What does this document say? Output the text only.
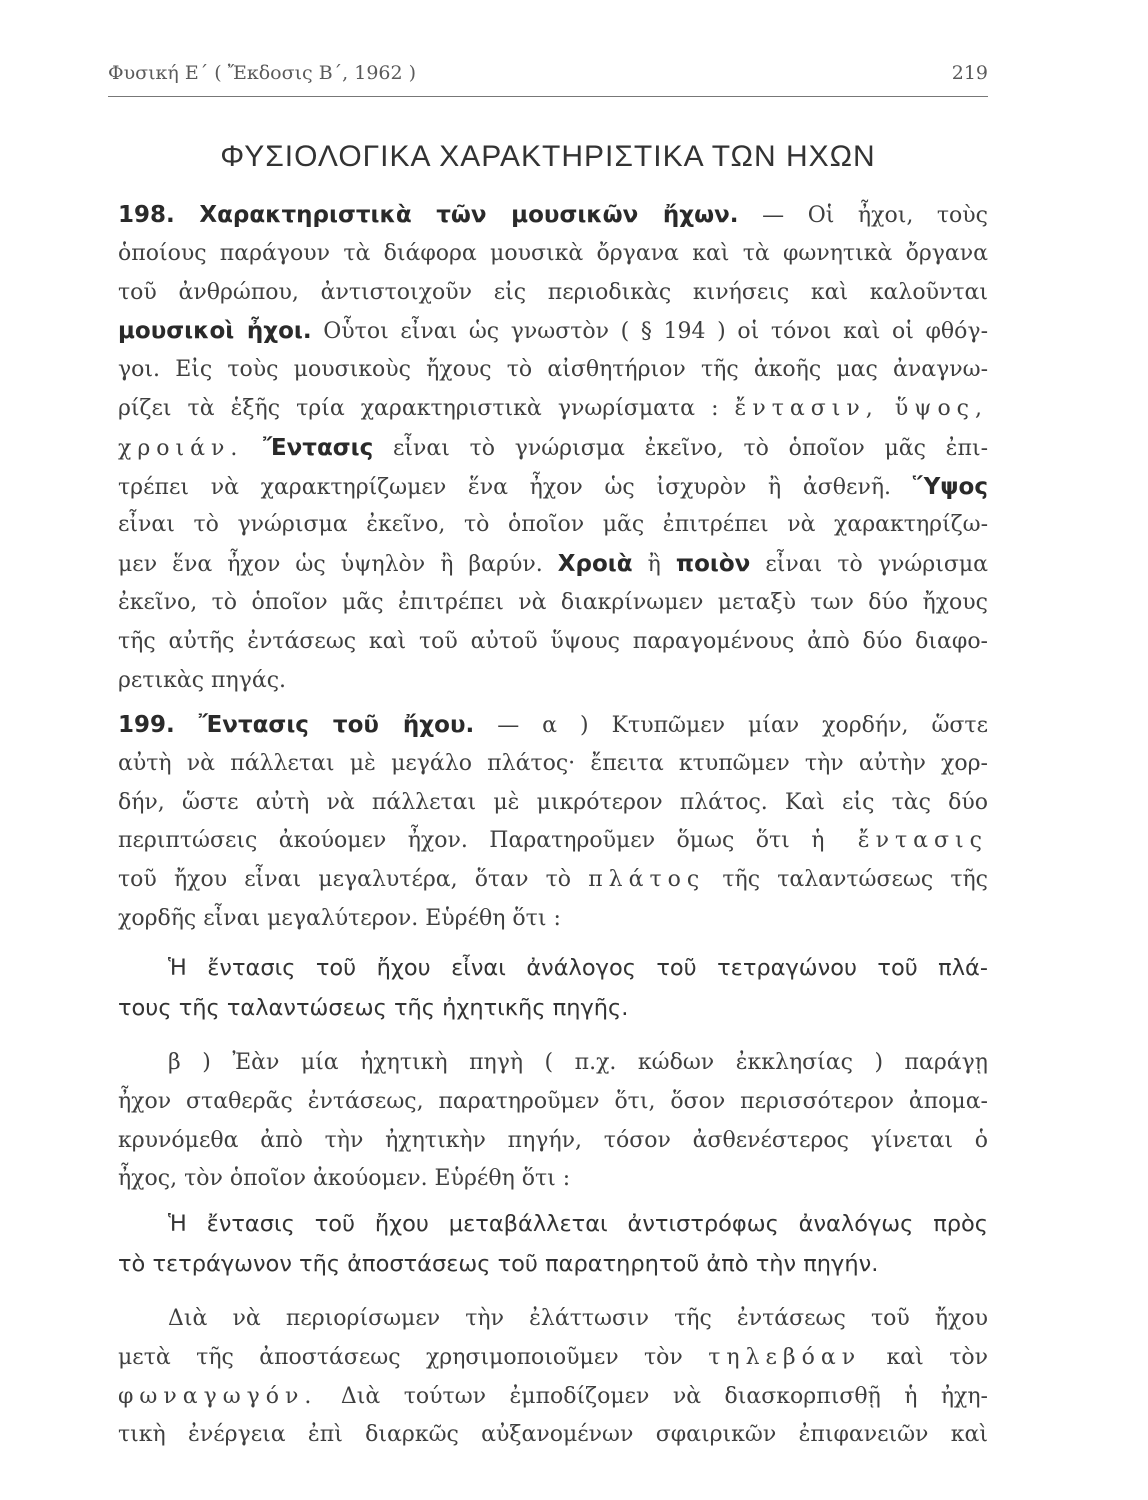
Φυσική Ε΄ ( Ἔκδοσις Β΄, 1962 )	219
ΦΥΣΙΟΛΟΓΙΚΑ ΧΑΡΑΚΤΗΡΙΣΤΙΚΑ ΤΩΝ ΗΧΩΝ
198. Χαρακτηριστικὰ τῶν μουσικῶν ἤχων. — Οἱ ἦχοι, τοὺς
ὁποίους παράγουν τὰ διάφορα μουσικὰ ὄργανα καὶ τὰ φωνητικὰ ὄργανα
τοῦ ἀνθρώπου, ἀντιστοιχοῦν εἰς περιοδικὰς κινήσεις καὶ καλοῦνται
μουσικοὶ ἦχοι. Οὗτοι εἶναι ὡς γνωστὸν ( § 194 ) οἱ τόνοι καὶ οἱ φθόγ-
γοι. Εἰς τοὺς μουσικοὺς ἤχους τὸ αἰσθητήριον τῆς ἀκοῆς μας ἀναγνω-
ρίζει τὰ ἑξῆς τρία χαρακτηριστικὰ γνωρίσματα : ἔντασιν, ὕψος,
χροιάν. Ἔντασις εἶναι τὸ γνώρισμα ἐκεῖνο, τὸ ὁποῖον μᾶς ἐπι-
τρέπει νὰ χαρακτηρίζωμεν ἕνα ἦχον ὡς ἰσχυρὸν ἢ ἀσθενῆ. Ὕψος
εἶναι τὸ γνώρισμα ἐκεῖνο, τὸ ὁποῖον μᾶς ἐπιτρέπει νὰ χαρακτηρίζω-
μεν ἕνα ἦχον ὡς ὑψηλὸν ἢ βαρύν. Χροιὰ ἢ ποιὸν εἶναι τὸ γνώρισμα
ἐκεῖνο, τὸ ὁποῖον μᾶς ἐπιτρέπει νὰ διακρίνωμεν μεταξὺ των δύο ἤχους
τῆς αὐτῆς ἐντάσεως καὶ τοῦ αὐτοῦ ὕψους παραγομένους ἀπὸ δύο διαφο-
ρετικὰς πηγάς.
199. Ἔντασις τοῦ ἤχου. — α ) Κτυπῶμεν μίαν χορδήν, ὥστε
αὐτὴ νὰ πάλλεται μὲ μεγάλο πλάτος· ἔπειτα κτυπῶμεν τὴν αὐτὴν χορ-
δήν, ὥστε αὐτὴ νὰ πάλλεται μὲ μικρότερον πλάτος. Καὶ εἰς τὰς δύο
περιπτώσεις ἀκούομεν ἦχον. Παρατηροῦμεν ὅμως ὅτι ἡ ἔντασις
τοῦ ἤχου εἶναι μεγαλυτέρα, ὅταν τὸ πλάτος τῆς ταλαντώσεως τῆς
χορδῆς εἶναι μεγαλύτερον. Εὑρέθη ὅτι :
Ἡ ἔντασις τοῦ ἤχου εἶναι ἀνάλογος τοῦ τετραγώνου τοῦ πλά-
τους τῆς ταλαντώσεως τῆς ἠχητικῆς πηγῆς.
β ) Ἐὰν μία ἠχητικὴ πηγὴ ( π.χ. κώδων ἐκκλησίας ) παράγῃ
ἦχον σταθερᾶς ἐντάσεως, παρατηροῦμεν ὅτι, ὅσον περισσότερον ἀπομα-
κρυνόμεθα ἀπὸ τὴν ἠχητικὴν πηγήν, τόσον ἀσθενέστερος γίνεται ὁ
ἦχος, τὸν ὁποῖον ἀκούομεν. Εὑρέθη ὅτι :
Ἡ ἔντασις τοῦ ἤχου μεταβάλλεται ἀντιστρόφως ἀναλόγως πρὸς
τὸ τετράγωνον τῆς ἀποστάσεως τοῦ παρατηρητοῦ ἀπὸ τὴν πηγήν.
Διὰ νὰ περιορίσωμεν τὴν ἐλάττωσιν τῆς ἐντάσεως τοῦ ἤχου
μετὰ τῆς ἀποστάσεως χρησιμοποιοῦμεν τὸν τηλεβόαν καὶ τὸν
φωναγωγόν. Διὰ τούτων ἐμποδίζομεν νὰ διασκορπισθῇ ἡ ἠχη-
τικὴ ἐνέργεια ἐπὶ διαρκῶς αὐξανομένων σφαιρικῶν ἐπιφανειῶν καὶ
